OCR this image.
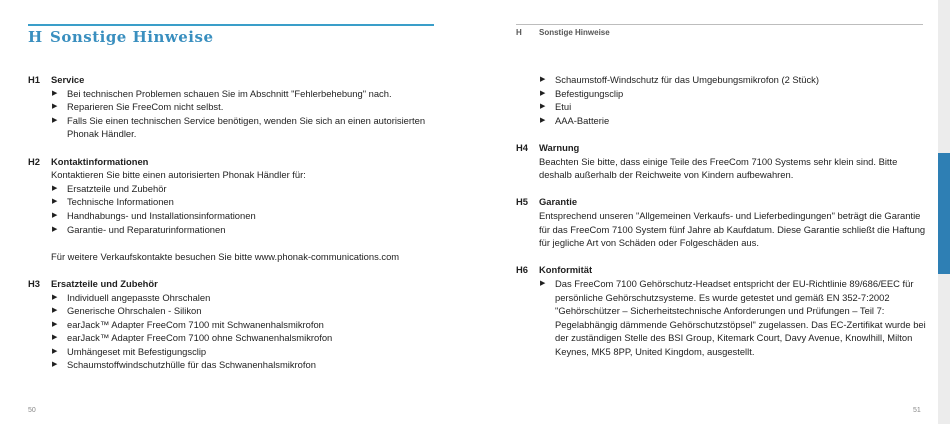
H Sonstige Hinweise
H1 Service
▶ Bei technischen Problemen schauen Sie im Abschnitt "Fehlerbehebung" nach.
▶ Reparieren Sie FreeCom nicht selbst.
▶ Falls Sie einen technischen Service benötigen, wenden Sie sich an einen autorisierten Phonak Händler.
H2 Kontaktinformationen
Kontaktieren Sie bitte einen autorisierten Phonak Händler für:
▶ Ersatzteile und Zubehör
▶ Technische Informationen
▶ Handhabungs- und Installationsinformationen
▶ Garantie- und Reparaturinformationen
Für weitere Verkaufskontakte besuchen Sie bitte www.phonak-communications.com
H3 Ersatzteile und Zubehör
▶ Individuell angepasste Ohrschalen
▶ Generische Ohrschalen - Silikon
▶ earJack™ Adapter FreeCom 7100 mit Schwanenhalsmikrofon
▶ earJack™ Adapter FreeCom 7100 ohne Schwanenhalsmikrofon
▶ Umhängeset mit Befestigungsclip
▶ Schaumstoffwindschutzhülle für das Schwanenhalsmikrofon
50
H Sonstige Hinweise
▶ Schaumstoff-Windschutz für das Umgebungsmikrofon (2 Stück)
▶ Befestigungsclip
▶ Etui
▶ AAA-Batterie
H4 Warnung
Beachten Sie bitte, dass einige Teile des FreeCom 7100 Systems sehr klein sind. Bitte deshalb außerhalb der Reichweite von Kindern aufbewahren.
H5 Garantie
Entsprechend unseren "Allgemeinen Verkaufs- und Lieferbedingungen" beträgt die Garantie für das FreeCom 7100 System fünf Jahre ab Kaufdatum. Diese Garantie schließt die Haftung für jegliche Art von Schäden oder Folgeschäden aus.
H6 Konformität
▶ Das FreeCom 7100 Gehörschutz-Headset entspricht der EU-Richtlinie 89/686/EEC für persönliche Gehörschutzsysteme. Es wurde getestet und gemäß EN 352-7:2002 "Gehörschützer – Sicherheitstechnische Anforderungen und Prüfungen – Teil 7: Pegelabhängig dämmende Gehörschutzstöpsel" zugelassen. Das EC-Zertifikat wurde bei der zuständigen Stelle des BSI Group, Kitemark Court, Davy Avenue, Knowlhill, Milton Keynes, MK5 8PP, United Kingdom, ausgestellt.
51
